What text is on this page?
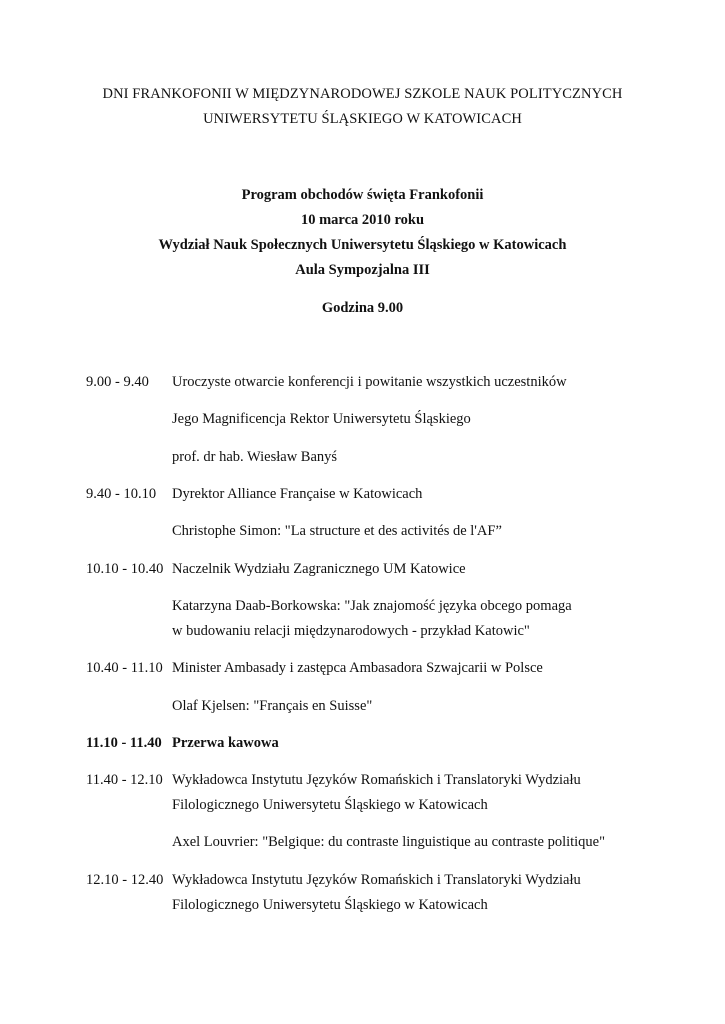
DNI FRANKOFONII W MIĘDZYNARODOWEJ SZKOLE NAUK POLITYCZNYCH
UNIWERSYTETU ŚLĄSKIEGO W KATOWICACH
Program obchodów święta Frankofonii
10 marca 2010 roku
Wydział Nauk Społecznych Uniwersytetu Śląskiego w Katowicach
Aula Sympozjalna III
Godzina 9.00
9.00 - 9.40 Uroczyste otwarcie konferencji i powitanie wszystkich uczestników
Jego Magnificencja Rektor Uniwersytetu Śląskiego
prof. dr hab. Wiesław Banyś
9.40 - 10.10 Dyrektor Alliance Française w Katowicach
Christophe Simon: "La structure et des activités de l'AF”
10.10 - 10.40 Naczelnik Wydziału Zagranicznego UM Katowice
Katarzyna Daab-Borkowska: "Jak znajomość języka obcego pomaga
w budowaniu relacji międzynarodowych - przykład Katowic"
10.40 - 11.10 Minister Ambasady i zastępca Ambasadora Szwajcarii w Polsce
Olaf Kjelsen: "Français en Suisse"
11.10 - 11.40 Przerwa kawowa
11.40 - 12.10 Wykładowca Instytutu Języków Romańskich i Translatoryki Wydziału
Filologicznego Uniwersytetu Śląskiego w Katowicach
Axel Louvrier: "Belgique: du contraste linguistique au contraste politique"
12.10 - 12.40 Wykładowca Instytutu Języków Romańskich i Translatoryki Wydziału
Filologicznego Uniwersytetu Śląskiego w Katowicach
